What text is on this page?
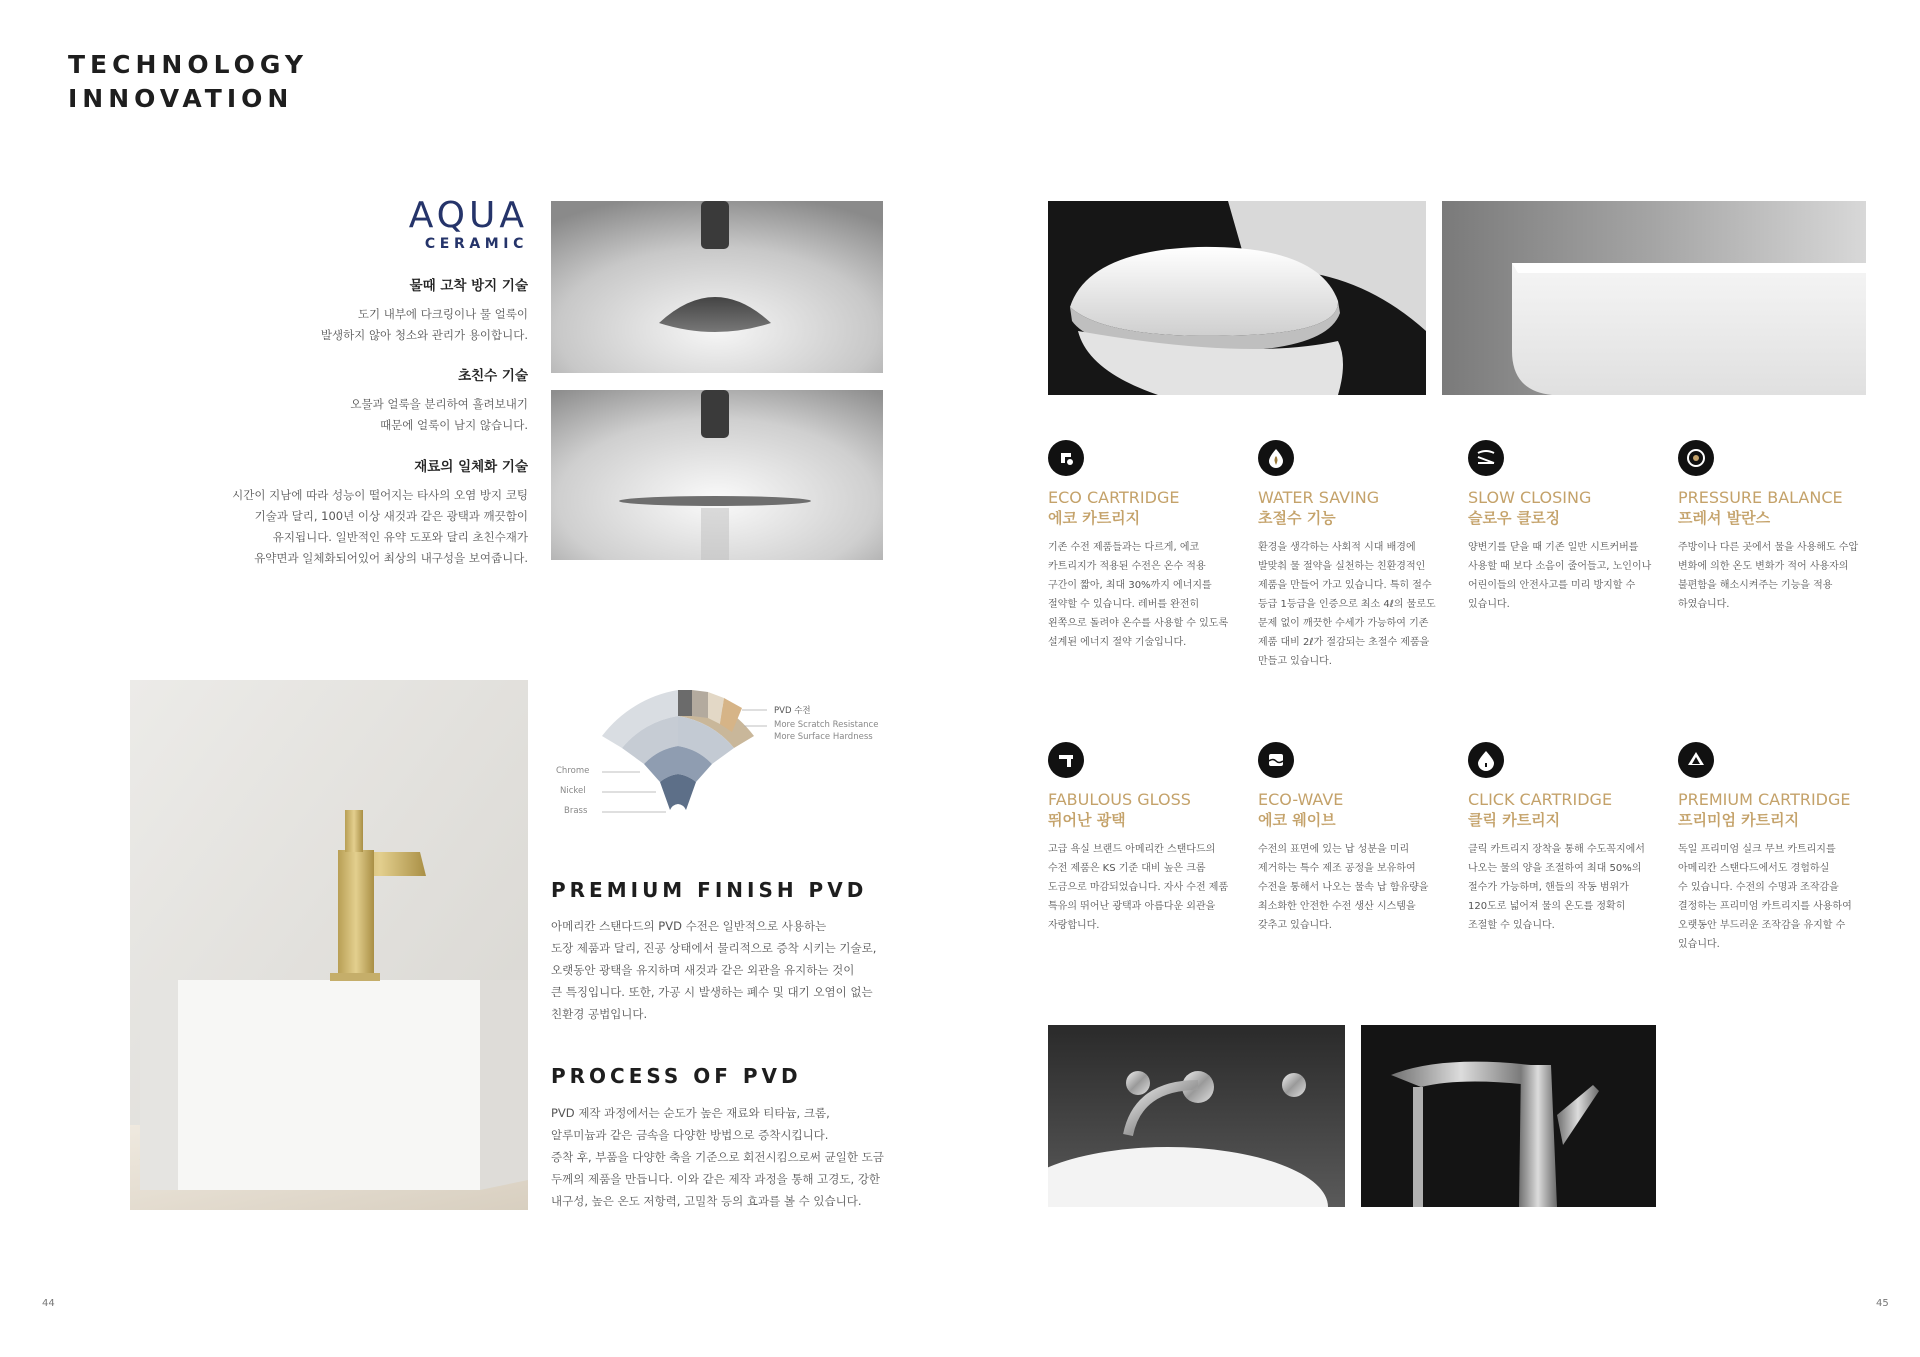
TECHNOLOGY
INNOVATION
AQUA
CERAMIC
물때 고착 방지 기술

도기 내부에 다크링이나 물 얼룩이
발생하지 않아 청소와 관리가 용이합니다.

초친수 기술

오물과 얼룩을 분리하여 흘려보내기
때문에 얼룩이 남지 않습니다.

재료의 일체화 기술

시간이 지남에 따라 성능이 떨어지는 타사의 오염 방지 코팅
기술과 달리, 100년 이상 새것과 같은 광택과 깨끗함이
유지됩니다. 일반적인 유약 도포와 달리 초친수재가
유약면과 일체화되어있어 최상의 내구성을 보여줍니다.

PVD 수전
More Scratch Resistance
More Surface Hardness
Chrome
Nickel
Brass
PREMIUM FINISH PVD
아메리칸 스탠다드의 PVD 수전은 일반적으로 사용하는
도장 제품과 달리, 진공 상태에서 물리적으로 증착 시키는 기술로,
오랫동안 광택을 유지하며 새것과 같은 외관을 유지하는 것이
큰 특징입니다. 또한, 가공 시 발생하는 폐수 및 대기 오염이 없는
친환경 공법입니다.
PROCESS OF PVD
PVD 제작 과정에서는 순도가 높은 재료와 티타늄, 크롬,
알루미늄과 같은 금속을 다양한 방법으로 증착시킵니다.
증착 후, 부품을 다양한 축을 기준으로 회전시킴으로써 균일한 도금
두께의 제품을 만듭니다. 이와 같은 제작 과정을 통해 고경도, 강한
내구성, 높은 온도 저항력, 고밀착 등의 효과를 볼 수 있습니다.
ECO CARTRIDGE
에코 카트리지
기존 수전 제품들과는 다르게, 에코
카트리지가 적용된 수전은 온수 적용
구간이 짧아, 최대 30%까지 에너지를
절약할 수 있습니다. 레버를 완전히
왼쪽으로 돌려야 온수를 사용할 수 있도록
설계된 에너지 절약 기술입니다.
WATER SAVING
초절수 기능
환경을 생각하는 사회적 시대 배경에
발맞춰 물 절약을 실천하는 친환경적인
제품을 만들어 가고 있습니다. 특히 절수
등급 1등급을 인증으로 최소 4ℓ의 물로도
문제 없이 깨끗한 수세가 가능하여 기존
제품 대비 2ℓ가 절감되는 초절수 제품을
만들고 있습니다.
SLOW CLOSING
슬로우 클로징
양변기를 닫을 때 기존 일반 시트커버를
사용할 때 보다 소음이 줄어들고, 노인이나
어린이들의 안전사고를 미리 방지할 수
있습니다.
PRESSURE BALANCE
프레셔 발란스
주방이나 다른 곳에서 물을 사용해도 수압
변화에 의한 온도 변화가 적어 사용자의
불편함을 해소시켜주는 기능을 적용
하였습니다.
FABULOUS GLOSS
뛰어난 광택
고급 욕실 브랜드 아메리칸 스탠다드의
수전 제품은 KS 기준 대비 높은 크롬
도금으로 마감되었습니다. 자사 수전 제품
특유의 뛰어난 광택과 아름다운 외관을
자랑합니다.
ECO-WAVE
에코 웨이브
수전의 표면에 있는 납 성분을 미리
제거하는 특수 제조 공정을 보유하여
수전을 통해서 나오는 물속 납 함유량을
최소화한 안전한 수전 생산 시스템을
갖추고 있습니다.
CLICK CARTRIDGE
클릭 카트리지
클릭 카트리지 장착을 통해 수도꼭지에서
나오는 물의 양을 조절하여 최대 50%의
절수가 가능하며, 핸들의 작동 범위가
120도로 넓어져 물의 온도를 정확히
조절할 수 있습니다.
PREMIUM CARTRIDGE
프리미엄 카트리지
독일 프리미엄 실크 무브 카트리지를
아메리칸 스탠다드에서도 경험하실
수 있습니다. 수전의 수명과 조작감을
결정하는 프리미엄 카트리지를 사용하여
오랫동안 부드러운 조작감을 유지할 수
있습니다.
44	45
